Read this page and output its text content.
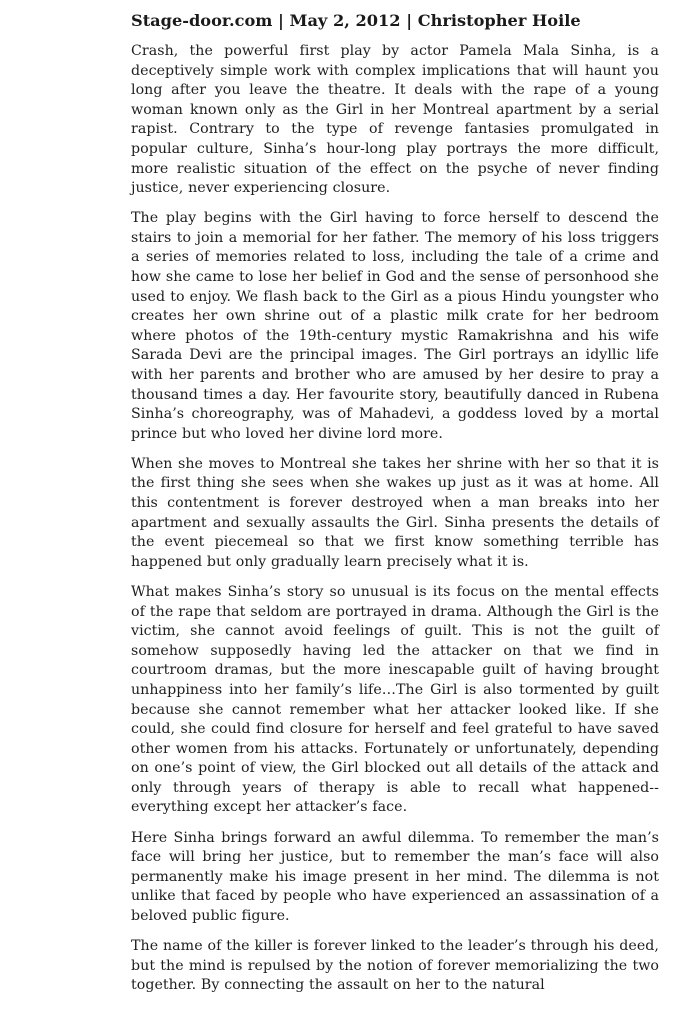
Stage-door.com | May 2, 2012 | Christopher Hoile

Crash, the powerful first play by actor Pamela Mala Sinha, is a deceptively simple work with complex implications that will haunt you long after you leave the theatre. It deals with the rape of a young woman known only as the Girl in her Montreal apartment by a serial rapist. Contrary to the type of revenge fantasies promulgated in popular culture, Sinha’s hour-long play portrays the more difficult, more realistic situation of the effect on the psyche of never finding justice, never experiencing closure.

The play begins with the Girl having to force herself to descend the stairs to join a memorial for her father. The memory of his loss triggers a series of memories related to loss, including the tale of a crime and how she came to lose her belief in God and the sense of personhood she used to enjoy. We flash back to the Girl as a pious Hindu youngster who creates her own shrine out of a plastic milk crate for her bedroom where photos of the 19th-century mystic Ramakrishna and his wife Sarada Devi are the principal images. The Girl portrays an idyllic life with her parents and brother who are amused by her desire to pray a thousand times a day. Her favourite story, beautifully danced in Rubena Sinha’s choreography, was of Mahadevi, a goddess loved by a mortal prince but who loved her divine lord more.

When she moves to Montreal she takes her shrine with her so that it is the first thing she sees when she wakes up just as it was at home. All this contentment is forever destroyed when a man breaks into her apartment and sexually assaults the Girl. Sinha presents the details of the event piecemeal so that we first know something terrible has happened but only gradually learn precisely what it is.

What makes Sinha’s story so unusual is its focus on the mental effects of the rape that seldom are portrayed in drama. Although the Girl is the victim, she cannot avoid feelings of guilt. This is not the guilt of somehow supposedly having led the attacker on that we find in courtroom dramas, but the more inescapable guilt of having brought unhappiness into her family’s life…The Girl is also tormented by guilt because she cannot remember what her attacker looked like. If she could, she could find closure for herself and feel grateful to have saved other women from his attacks. Fortunately or unfortunately, depending on one’s point of view, the Girl blocked out all details of the attack and only through years of therapy is able to recall what happened--everything except her attacker’s face.

Here Sinha brings forward an awful dilemma. To remember the man’s face will bring her justice, but to remember the man’s face will also permanently make his image present in her mind. The dilemma is not unlike that faced by people who have experienced an assassination of a beloved public figure.

The name of the killer is forever linked to the leader’s through his deed, but the mind is repulsed by the notion of forever memorializing the two together. By connecting the assault on her to the natural
